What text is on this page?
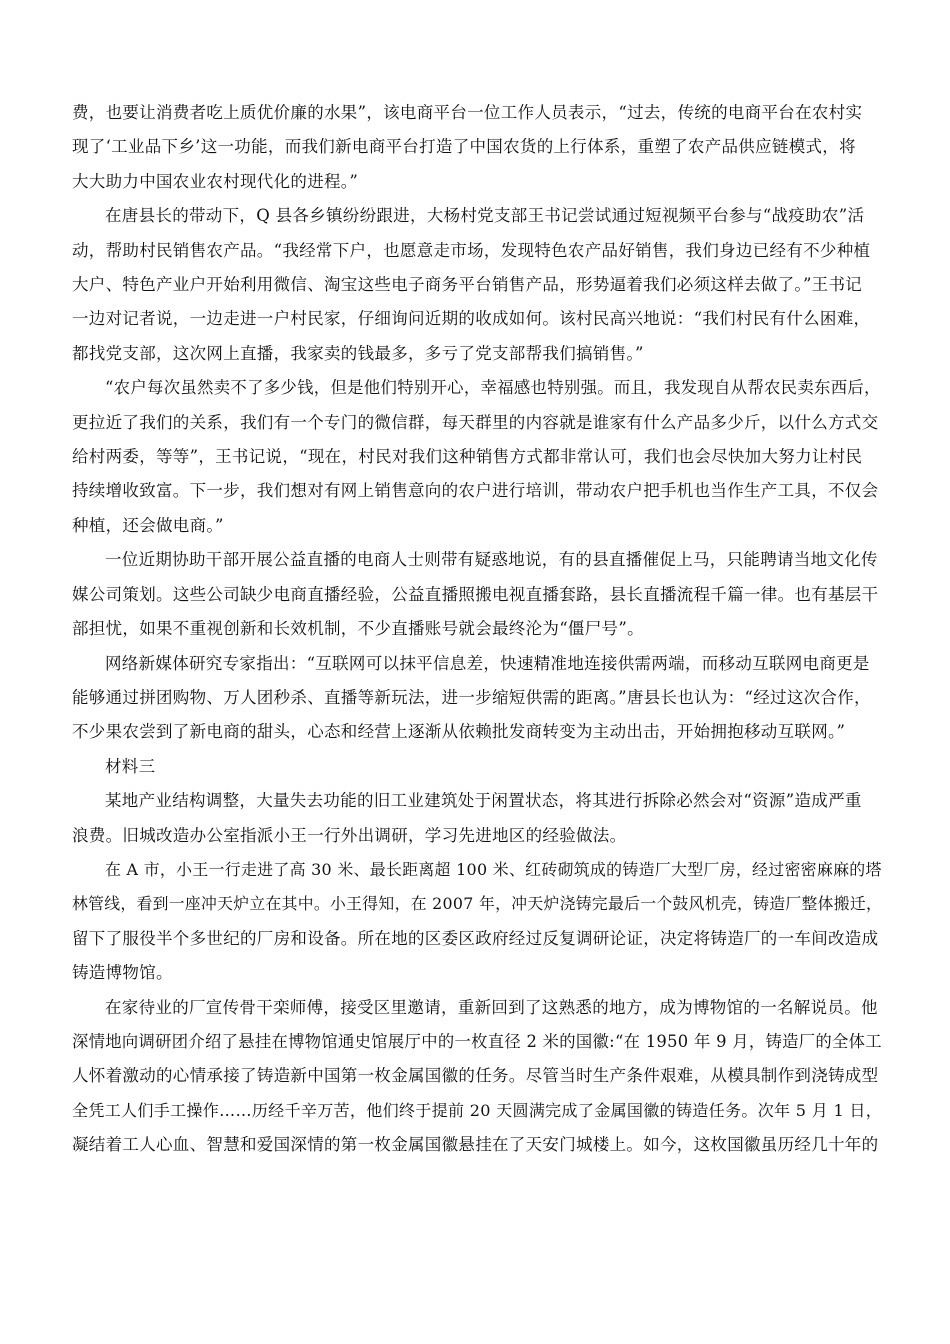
费，也要让消费者吃上质优价廉的水果”，该电商平台一位工作人员表示，“过去，传统的电商平台在农村实
现了‘工业品下乡’这一功能，而我们新电商平台打造了中国农货的上行体系，重塑了农产品供应链模式，将
大大助力中国农业农村现代化的进程。”
在唐县长的带动下，Q 县各乡镇纷纷跟进，大杨村党支部王书记尝试通过短视频平台参与“战疫助农”活
动，帮助村民销售农产品。“我经常下户，也愿意走市场，发现特色农产品好销售，我们身边已经有不少种植
大户、特色产业户开始利用微信、淘宝这些电子商务平台销售产品，形势逼着我们必须这样去做了。”王书记
一边对记者说，一边走进一户村民家，仔细询问近期的收成如何。该村民高兴地说：“我们村民有什么困难，
都找党支部，这次网上直播，我家卖的钱最多，多亏了党支部帮我们搞销售。”
“农户每次虽然卖不了多少钱，但是他们特别开心，幸福感也特别强。而且，我发现自从帮农民卖东西后，
更拉近了我们的关系，我们有一个专门的微信群，每天群里的内容就是谁家有什么产品多少斤，以什么方式交
给村两委，等等”，王书记说，“现在，村民对我们这种销售方式都非常认可，我们也会尽快加大努力让村民
持续增收致富。下一步，我们想对有网上销售意向的农户进行培训，带动农户把手机也当作生产工具，不仅会
种植，还会做电商。”
一位近期协助干部开展公益直播的电商人士则带有疑惑地说，有的县直播催促上马，只能聘请当地文化传
媒公司策划。这些公司缺少电商直播经验，公益直播照搬电视直播套路，县长直播流程千篇一律。也有基层干
部担忧，如果不重视创新和长效机制，不少直播账号就会最终沦为“僵尸号”。
网络新媒体研究专家指出：“互联网可以抹平信息差，快速精准地连接供需两端，而移动互联网电商更是
能够通过拼团购物、万人团秒杀、直播等新玩法，进一步缩短供需的距离。”唐县长也认为：“经过这次合作，
不少果农尝到了新电商的甜头，心态和经营上逐渐从依赖批发商转变为主动出击，开始拥抱移动互联网。”
材料三
某地产业结构调整，大量失去功能的旧工业建筑处于闲置状态，将其进行拆除必然会对“资源”造成严重
浪费。旧城改造办公室指派小王一行外出调研，学习先进地区的经验做法。
在 A 市，小王一行走进了高 30 米、最长距离超 100 米、红砖砌筑成的铸造厂大型厂房，经过密密麻麻的塔
林管线，看到一座冲天炉立在其中。小王得知，在 2007 年，冲天炉浇铸完最后一个鼓风机壳，铸造厂整体搬迁，
留下了服役半个多世纪的厂房和设备。所在地的区委区政府经过反复调研论证，决定将铸造厂的一车间改造成
铸造博物馆。
在家待业的厂宣传骨干栾师傅，接受区里邀请，重新回到了这熟悉的地方，成为博物馆的一名解说员。他
深情地向调研团介绍了悬挂在博物馆通史馆展厅中的一枚直径 2 米的国徽:“在 1950 年 9 月，铸造厂的全体工
人怀着激动的心情承接了铸造新中国第一枚金属国徽的任务。尽管当时生产条件艰难，从模具制作到浇铸成型
全凭工人们手工操作……历经千辛万苦，他们终于提前 20 天圆满完成了金属国徽的铸造任务。次年 5 月 1 日，
凝结着工人心血、智慧和爱国深情的第一枚金属国徽悬挂在了天安门城楼上。如今，这枚国徽虽历经几十年的
